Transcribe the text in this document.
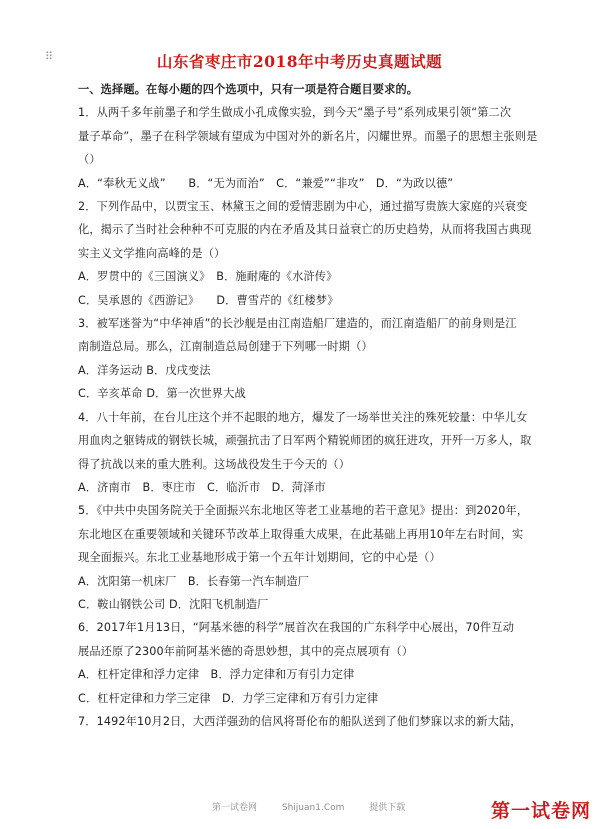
⠿	山东省枣庄市2018年中考历史真题试题

一、选择题。在每小题的四个选项中，只有一项是符合题目要求的。

1．从两千多年前墨子和学生做成小孔成像实验，到今天“墨子号”系列成果引领“第二次

量子革命”，墨子在科学领域有望成为中国对外的新名片，闪耀世界。而墨子的思想主张则是

（）

A．“奉秋无义战”　　B．“无为而治”　C．“兼爱”“非攻”　D．“为政以德”

2．下列作品中，以贾宝玉、林黛玉之间的爱情悲剧为中心，通过描写贵族大家庭的兴衰变

化，揭示了当时社会种种不可克服的内在矛盾及其日益衰亡的历史趋势，从而将我国古典现

实主义文学推向高峰的是（）

A．罗贯中的《三国演义》　B．施耐庵的《水浒传》

C．吴承恩的《西游记》　　D．曹雪芹的《红楼梦》

3．被军迷誉为“中华神盾”的长沙舰是由江南造船厂建造的，而江南造船厂的前身则是江

南制造总局。那么，江南制造总局创建于下列哪一时期（）

A．洋务运动 B．戊戌变法

C．辛亥革命 D．第一次世界大战

4．八十年前，在台儿庄这个并不起眼的地方，爆发了一场举世关注的殊死较量：中华儿女

用血肉之躯铸成的钢铁长城，顽强抗击了日军两个精锐师团的疯狂进攻，开歼一万多人，取

得了抗战以来的重大胜利。这场战役发生于今天的（）

A．济南市　B．枣庄市　C．临沂市　D．菏泽市

5．《中共中央国务院关于全面振兴东北地区等老工业基地的若干意见》提出：到2020年，

东北地区在重要领域和关键环节改革上取得重大成果，在此基础上再用10年左右时间，实

现全面振兴。东北工业基地形成于第一个五年计划期间，它的中心是（）

A．沈阳第一机床厂　B．长春第一汽车制造厂

C．鞍山钢铁公司 D．沈阳飞机制造厂

6．2017年1月13日，“阿基米德的科学”展首次在我国的广东科学中心展出，70件互动

展品还原了2300年前阿基米德的奇思妙想，其中的亮点展项有（）

A．杠杆定律和浮力定律　B．浮力定律和万有引力定律

C．杠杆定律和力学三定律　D．力学三定律和万有引力定律

7．1492年10月2日，大西洋强劲的信风将哥伦布的船队送到了他们梦寐以求的新大陆，

第一试卷网	Shijuan1.Com	提供下载	第一试卷网
